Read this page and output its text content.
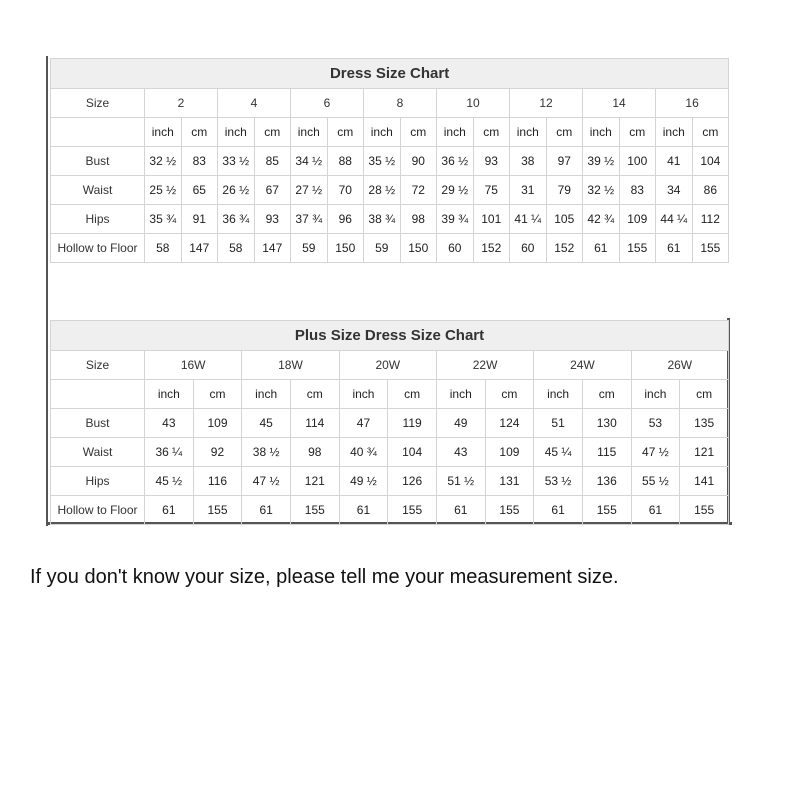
Dress Size Chart																
Size	2		4		6		8		10		12		14		16	
	inch	cm	inch	cm	inch	cm	inch	cm	inch	cm	inch	cm	inch	cm	inch	cm
Bust	32 ½	83	33 ½	85	34 ½	88	35 ½	90	36 ½	93	38	97	39 ½	100	41	104
Waist	25 ½	65	26 ½	67	27 ½	70	28 ½	72	29 ½	75	31	79	32 ½	83	34	86
Hips	35 ¾	91	36 ¾	93	37 ¾	96	38 ¾	98	39 ¾	101	41 ¼	105	42 ¾	109	44 ¼	112
Hollow to Floor	58	147	58	147	59	150	59	150	60	152	60	152	61	155	61	155
Plus Size Dress Size Chart												
Size	16W		18W		20W		22W		24W		26W	
	inch	cm	inch	cm	inch	cm	inch	cm	inch	cm	inch	cm
Bust	43	109	45	114	47	119	49	124	51	130	53	135
Waist	36 ¼	92	38 ½	98	40 ¾	104	43	109	45 ¼	115	47 ½	121
Hips	45 ½	116	47 ½	121	49 ½	126	51 ½	131	53 ½	136	55 ½	141
Hollow to Floor	61	155	61	155	61	155	61	155	61	155	61	155
If you don't know your size, please tell me your measurement size.
